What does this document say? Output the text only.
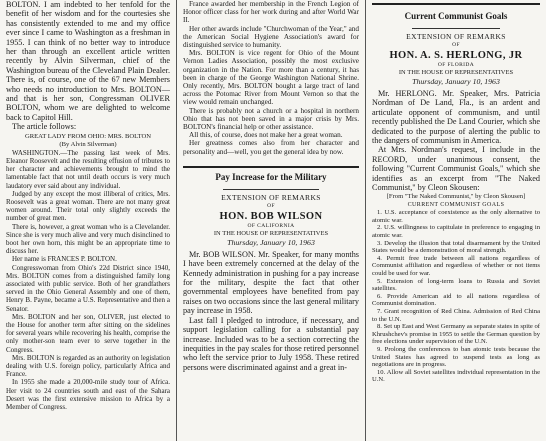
BOLTON. I am indebted to her tenfold for the benefit of her wisdom and for the courtesies she has consistently extended to me and my office ever since I came to Washington as a freshman in 1955. I can think of no better way to introduce her than through an excellent article written recently by Alvin Silverman, chief of the Washington bureau of the Cleveland Plain Dealer. There is, of course, one of the 67 new Members who needs no introduction to Mrs. BOLTON—and that is her son, Congressman OLIVER BOLTON, whom we are delighted to welcome back to Capitol Hill.

The article follows:

GREAT LADY FROM OHIO: MRS. BOLTON

(By Alvin Silverman)

WASHINGTON.—The passing last week of Mrs. Eleanor Roosevelt and the resulting effusion of tributes to her character and achievements brought to mind the lamentable fact that not until death occurs is very much laudatory ever said about any individual.

Judged by any except the most illiberal of critics, Mrs. Roosevelt was a great woman. There are not many great women around. Their total only slightly exceeds the number of great men.

There is, however, a great woman who is a Clevelander. Since she is very much alive and very much disinclined to boot her own horn, this might be an appropriate time to discuss her.

Her name is FRANCES P. BOLTON.

Congresswoman from Ohio's 22d District since 1940, Mrs. BOLTON comes from a distinguished family long associated with public service. Both of her grandfathers served in the Ohio General Assembly and one of them, Henry B. Payne, became a U.S. Representative and then a Senator.

Mrs. BOLTON and her son, OLIVER, just elected to the House for another term after sitting on the sidelines for several years while recovering his health, comprise the only mother-son team ever to serve together in the Congress.

Mrs. BOLTON is regarded as an authority on legislation dealing with U.S. foreign policy, particularly Africa and France.

In 1955 she made a 20,000-mile study tour of Africa. Her visit to 24 countries south and east of the Sahara Desert was the first extensive mission to Africa by a Member of Congress.

France awarded her membership in the French Legion of Honor officer class for her work during and after World War II.

Her other awards include "Churchwoman of the Year," and the American Social Hygiene Association's award for distinguished service to humanity.

Mrs. BOLTON is vice regent for Ohio of the Mount Vernon Ladies Association, possibly the most exclusive organization in the Nation. For more than a century, it has been in charge of the George Washington National Shrine. Only recently, Mrs. BOLTON bought a large tract of land across the Potomac River from Mount Vernon so that the view would remain unchanged.

There is probably not a church or a hospital in northern Ohio that has not been saved in a major crisis by Mrs. BOLTON's financial help or other assistance.

All this, of course, does not make her a great woman.

Her greatness comes also from her character and personality and—well, you get the general idea by now.

Pay Increase for the Military
EXTENSION OF REMARKS
OF
HON. BOB WILSON
OF CALIFORNIA
IN THE HOUSE OF REPRESENTATIVES
Thursday, January 10, 1963

Mr. BOB WILSON. Mr. Speaker, for many months I have been extremely concerned at the delay of the Kennedy administration in pushing for a pay increase for the military, despite the fact that other governmental employees have benefited from pay raises on two occasions since the last general military pay increase in 1958.

Last fall I pledged to introduce, if necessary, and support legislation calling for a substantial pay increase. Included was to be a section correcting the inequities in the pay scales for those retired personnel who left the service prior to July 1958. These retired persons were discriminated against and a great in-

Current Communist Goals
EXTENSION OF REMARKS
OF
HON. A. S. HERLONG, JR
OF FLORIDA
IN THE HOUSE OF REPRESENTATIVES
Thursday, January 10, 1963

Mr. HERLONG. Mr. Speaker, Mrs. Patricia Nordman of De Land, Fla., is an ardent and articulate opponent of communism, and until recently published the De Land Courier, which she dedicated to the purpose of alerting the public to the dangers of communism in America.

At Mrs. Nordman's request, I include in the RECORD, under unanimous consent, the following "Current Communist Goals," which she identifies as an excerpt from "The Naked Communist," by Cleon Skousen:

[From "The Naked Communist," by Cleon Skousen]

CURRENT COMMUNIST GOALS

1. U.S. acceptance of coexistence as the only alternative to atomic war.

2. U.S. willingness to capitulate in preference to engaging in atomic war.

3. Develop the illusion that total disarmament by the United States would be a demonstration of moral strength.

4. Permit free trade between all nations regardless of Communist affiliation and regardless of whether or not items could be used for war.

5. Extension of long-term loans to Russia and Soviet satellites.

6. Provide American aid to all nations regardless of Communist domination.

7. Grant recognition of Red China. Admission of Red China to the U.N.

8. Set up East and West Germany as separate states in spite of Khrushchev's promise in 1955 to settle the German question by free elections under supervision of the U.N.

9. Prolong the conferences to ban atomic tests because the United States has agreed to suspend tests as long as negotiations are in progress.

10. Allow all Soviet satellites individual representation in the U.N.
